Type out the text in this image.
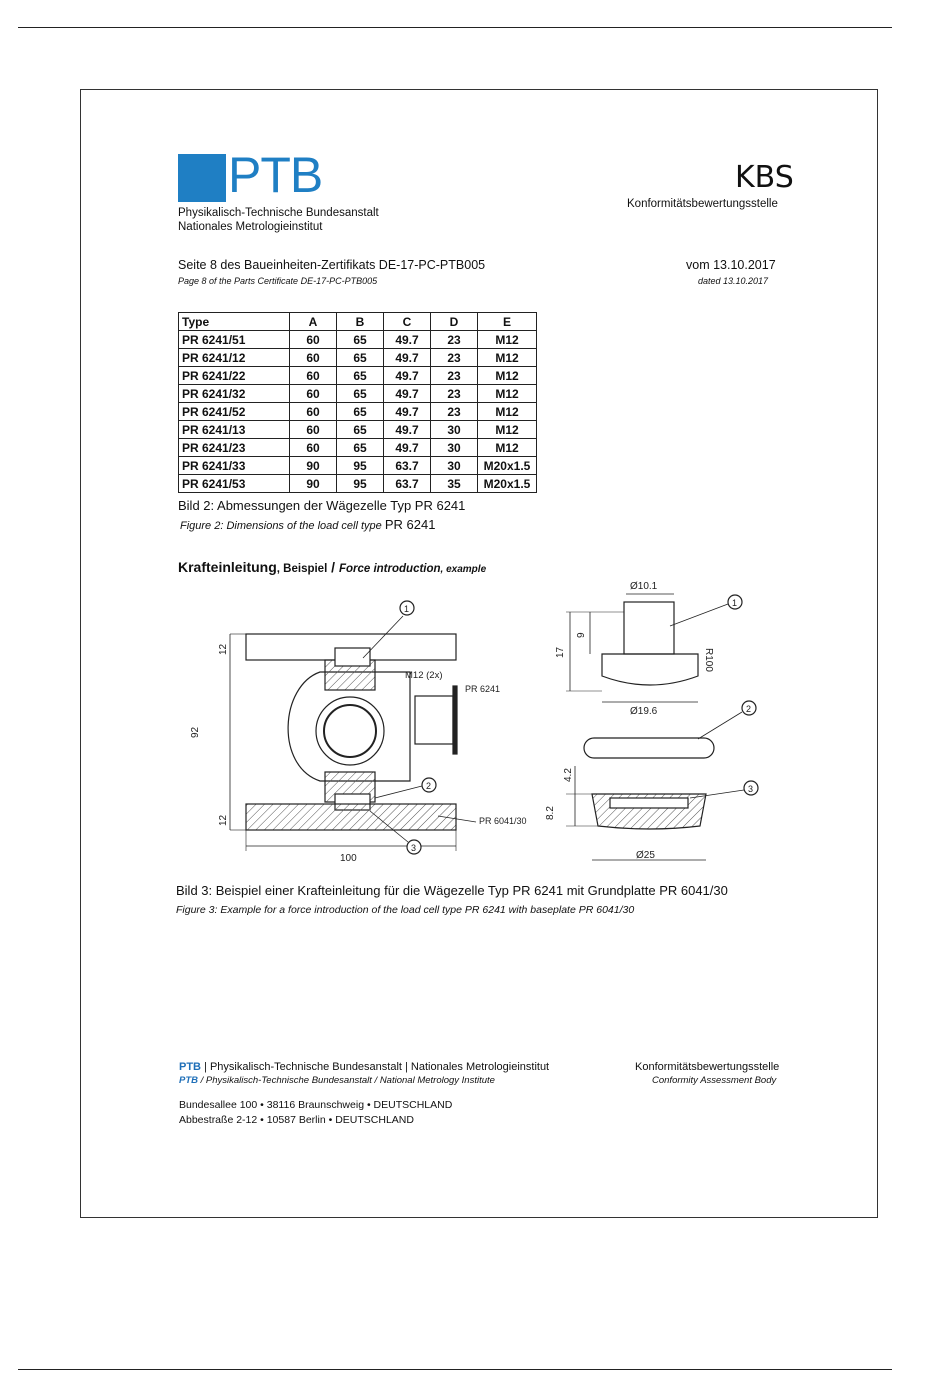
PTB
Physikalisch-Technische Bundesanstalt
Nationales Metrologieinstitut
KBS
Konformitätsbewertungsstelle
Seite 8 des Baueinheiten-Zertifikats DE-17-PC-PTB005
Page 8 of the Parts Certificate DE-17-PC-PTB005
vom 13.10.2017
dated 13.10.2017
Type	A	B	C	D	E
PR 6241/51	60	65	49.7	23	M12
PR 6241/12	60	65	49.7	23	M12
PR 6241/22	60	65	49.7	23	M12
PR 6241/32	60	65	49.7	23	M12
PR 6241/52	60	65	49.7	23	M12
PR 6241/13	60	65	49.7	30	M12
PR 6241/23	60	65	49.7	30	M12
PR 6241/33	90	95	63.7	30	M20x1.5
PR 6241/53	90	95	63.7	35	M20x1.5
Bild 2: Abmessungen der Wägezelle Typ PR 6241
Figure 2: Dimensions of the load cell type PR 6241
Krafteinleitung, Beispiel / Force introduction, example
12
92
12
100
M12 (2x)
PR 6241
PR 6041/30
1
2
3
Ø10.1
9
17	R100
Ø19.6
4.2
8.2
Ø25
1
2
3
Bild 3: Beispiel einer Krafteinleitung für die Wägezelle Typ PR 6241 mit Grundplatte PR 6041/30
Figure 3: Example for a force introduction of the load cell type PR 6241 with baseplate PR 6041/30
PTB | Physikalisch-Technische Bundesanstalt | Nationales Metrologieinstitut
PTB / Physikalisch-Technische Bundesanstalt / National Metrology Institute
Konformitätsbewertungsstelle
Conformity Assessment Body
Bundesallee 100 • 38116 Braunschweig • DEUTSCHLAND
Abbestraße 2-12 • 10587 Berlin • DEUTSCHLAND
